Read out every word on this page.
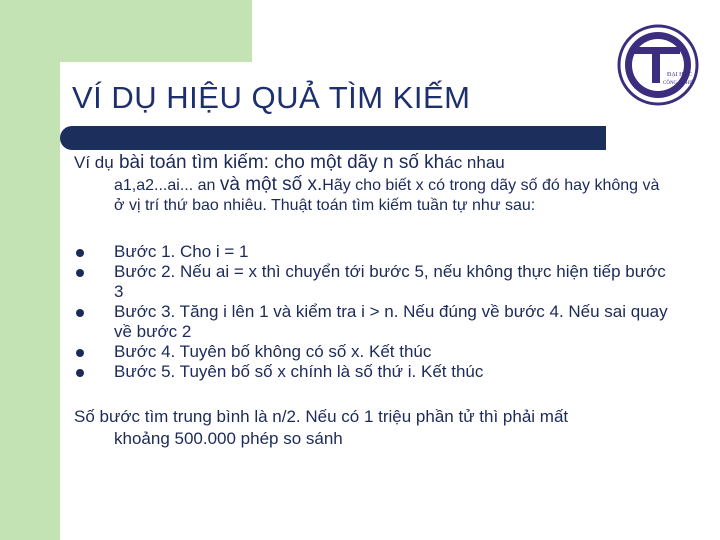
VÍ DỤ HIỆU QUẢ TÌM KIẾM
ĐẠI HỌC
CÔNG NGHIỆ

Ví dụ bài toán tìm kiếm: cho một dãy n số khác nhau

a1,a2...ai... an và một số x.Hãy cho biết x có trong dãy số đó hay không và ở vị trí thứ bao nhiêu. Thuật toán tìm kiếm tuần tự như sau:
Bước 1. Cho i = 1
Bước 2. Nếu ai = x thì chuyển tới bước 5, nếu không thực hiện tiếp bước 3
Bước 3. Tăng i lên 1 và kiểm tra i > n. Nếu đúng về bước 4. Nếu sai quay về bước 2
Bước 4. Tuyên bố không có số x. Kết thúc
Bước 5. Tuyên bố số x chính là số thứ i. Kết thúc

Số bước tìm trung bình là n/2. Nếu có 1 triệu phần tử thì phải mất
khoảng 500.000 phép so sánh
